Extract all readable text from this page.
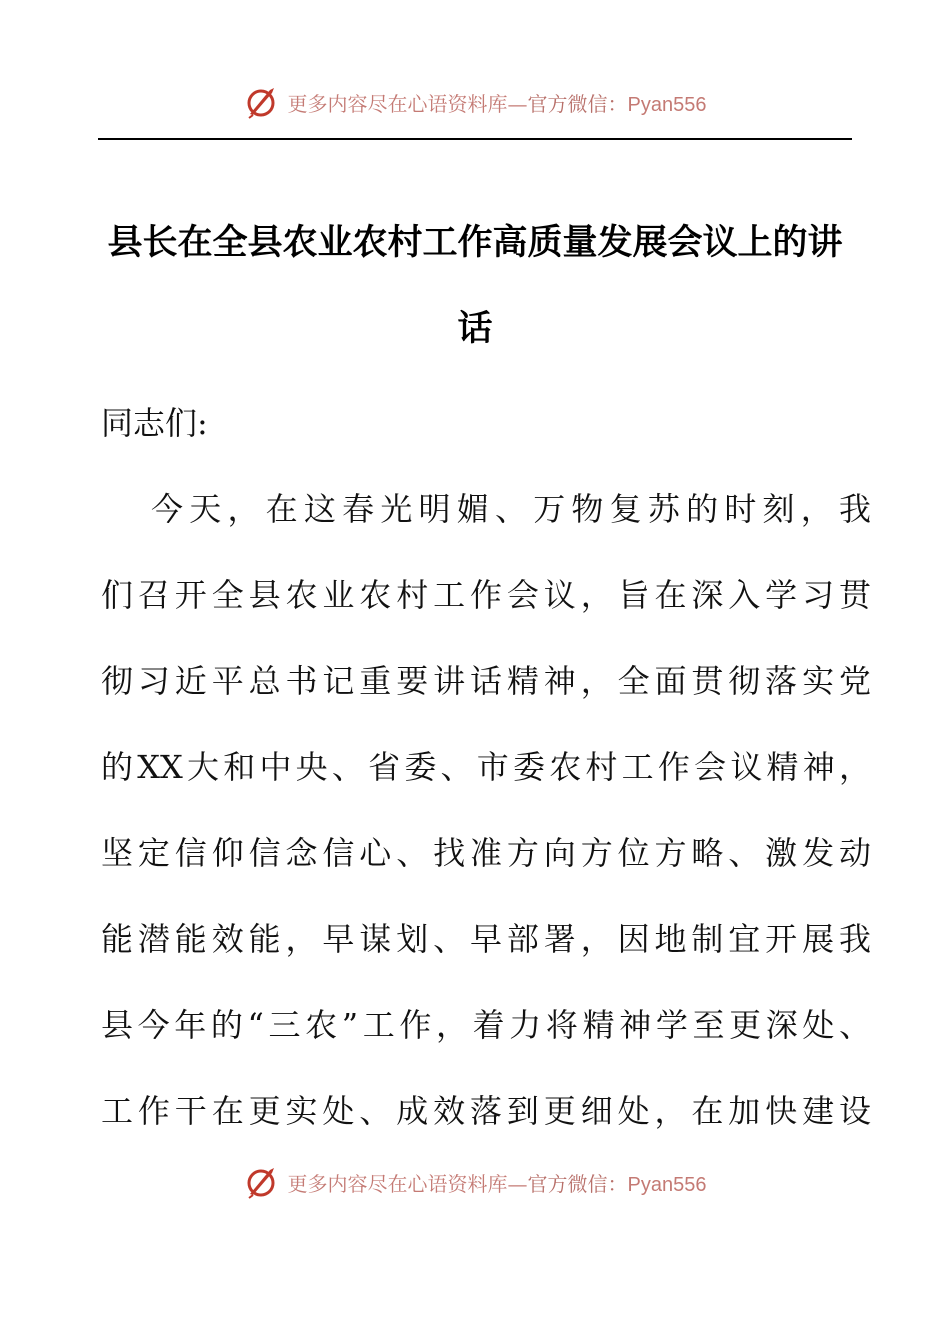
更多内容尽在心语资料库—官方微信：Pyan556
县长在全县农业农村工作高质量发展会议上的讲
话
同志们:
今天，在这春光明媚、万物复苏的时刻，我
们召开全县农业农村工作会议，旨在深入学习贯
彻习近平总书记重要讲话精神，全面贯彻落实党
的XX大和中央、省委、市委农村工作会议精神，
坚定信仰信念信心、找准方向方位方略、激发动
能潜能效能，早谋划、早部署，因地制宜开展我
县今年的“三农”工作，着力将精神学至更深处、
工作干在更实处、成效落到更细处，在加快建设
更多内容尽在心语资料库—官方微信：Pyan556
